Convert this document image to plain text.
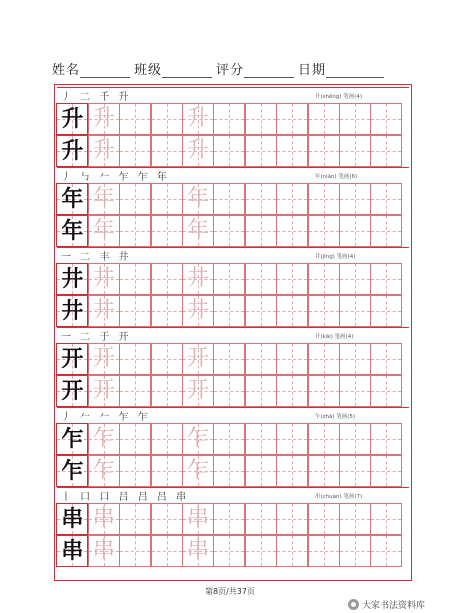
姓名	班级	评分	日期
丿 二 千 升	升(shēng) 笔画(4)
升 升	升
升 升	升
丿 ㇉ 𠂉 乍 乍 年	年(nián) 笔画(6)
年 年	年
年 年	年
一 二 丰 井	井(jǐng) 笔画(4)
井 井	井
井 井	井
一 二 于 开	开(kāi) 笔画(4)
开 开	开
开 开	开
丿 𠂉 𠂉 乍 乍	乍(zhà) 笔画(5)
乍 乍	乍
乍 乍	乍
丨 口 口 吕 吕 吕 串	串(chuàn) 笔画(7)
串 串	串
串 串	串
第8页/共37页
大家书法资料库
